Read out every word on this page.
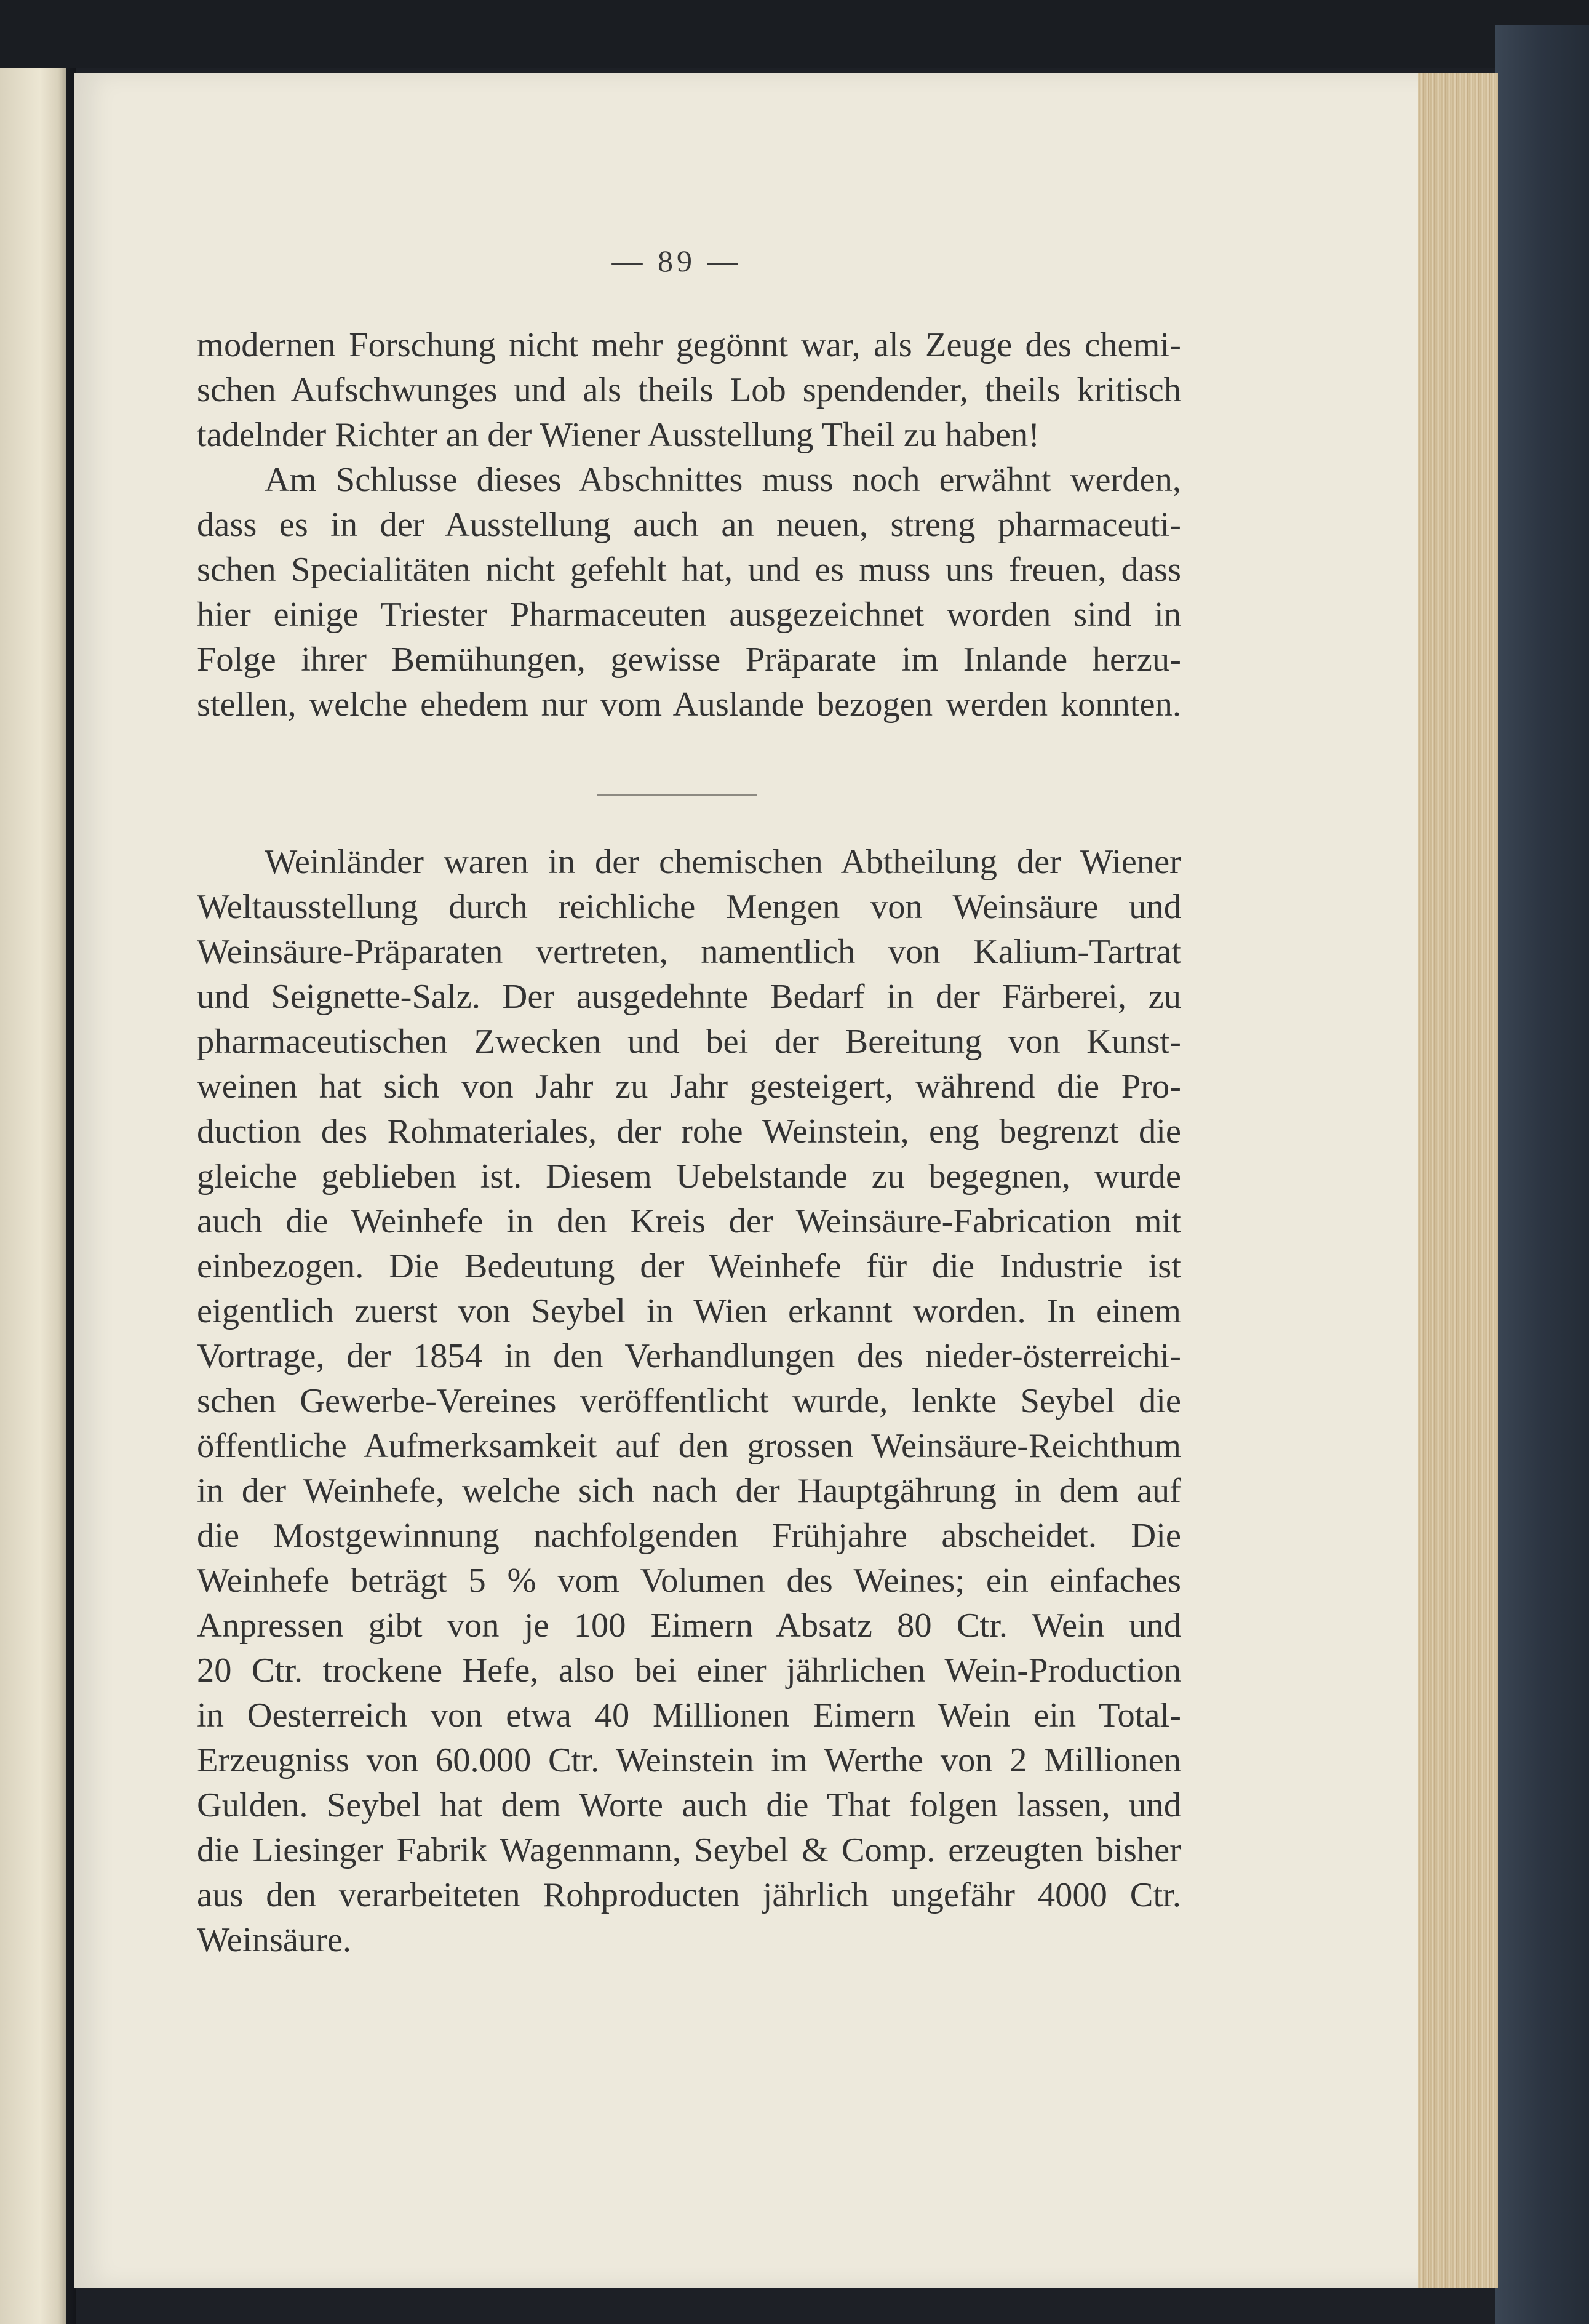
— 89 —

modernen Forschung nicht mehr gegönnt war, als Zeuge des chemi-
schen Aufschwunges und als theils Lob spendender, theils kritisch
tadelnder Richter an der Wiener Ausstellung Theil zu haben!

Am Schlusse dieses Abschnittes muss noch erwähnt werden,
dass es in der Ausstellung auch an neuen, streng pharmaceuti-
schen Specialitäten nicht gefehlt hat, und es muss uns freuen, dass
hier einige Triester Pharmaceuten ausgezeichnet worden sind in
Folge ihrer Bemühungen, gewisse Präparate im Inlande herzu-
stellen, welche ehedem nur vom Auslande bezogen werden konnten.

Weinländer waren in der chemischen Abtheilung der Wiener
Weltausstellung durch reichliche Mengen von Weinsäure und
Weinsäure-Präparaten vertreten, namentlich von Kalium-Tartrat
und Seignette-Salz. Der ausgedehnte Bedarf in der Färberei, zu
pharmaceutischen Zwecken und bei der Bereitung von Kunst-
weinen hat sich von Jahr zu Jahr gesteigert, während die Pro-
duction des Rohmateriales, der rohe Weinstein, eng begrenzt die
gleiche geblieben ist. Diesem Uebelstande zu begegnen, wurde
auch die Weinhefe in den Kreis der Weinsäure-Fabrication mit
einbezogen. Die Bedeutung der Weinhefe für die Industrie ist
eigentlich zuerst von Seybel in Wien erkannt worden. In einem
Vortrage, der 1854 in den Verhandlungen des nieder-österreichi-
schen Gewerbe-Vereines veröffentlicht wurde, lenkte Seybel die
öffentliche Aufmerksamkeit auf den grossen Weinsäure-Reichthum
in der Weinhefe, welche sich nach der Hauptgährung in dem auf
die Mostgewinnung nachfolgenden Frühjahre abscheidet. Die
Weinhefe beträgt 5 % vom Volumen des Weines; ein einfaches
Anpressen gibt von je 100 Eimern Absatz 80 Ctr. Wein und
20 Ctr. trockene Hefe, also bei einer jährlichen Wein-Production
in Oesterreich von etwa 40 Millionen Eimern Wein ein Total-
Erzeugniss von 60.000 Ctr. Weinstein im Werthe von 2 Millionen
Gulden. Seybel hat dem Worte auch die That folgen lassen, und
die Liesinger Fabrik Wagenmann, Seybel & Comp. erzeugten bisher
aus den verarbeiteten Rohproducten jährlich ungefähr 4000 Ctr.
Weinsäure.
